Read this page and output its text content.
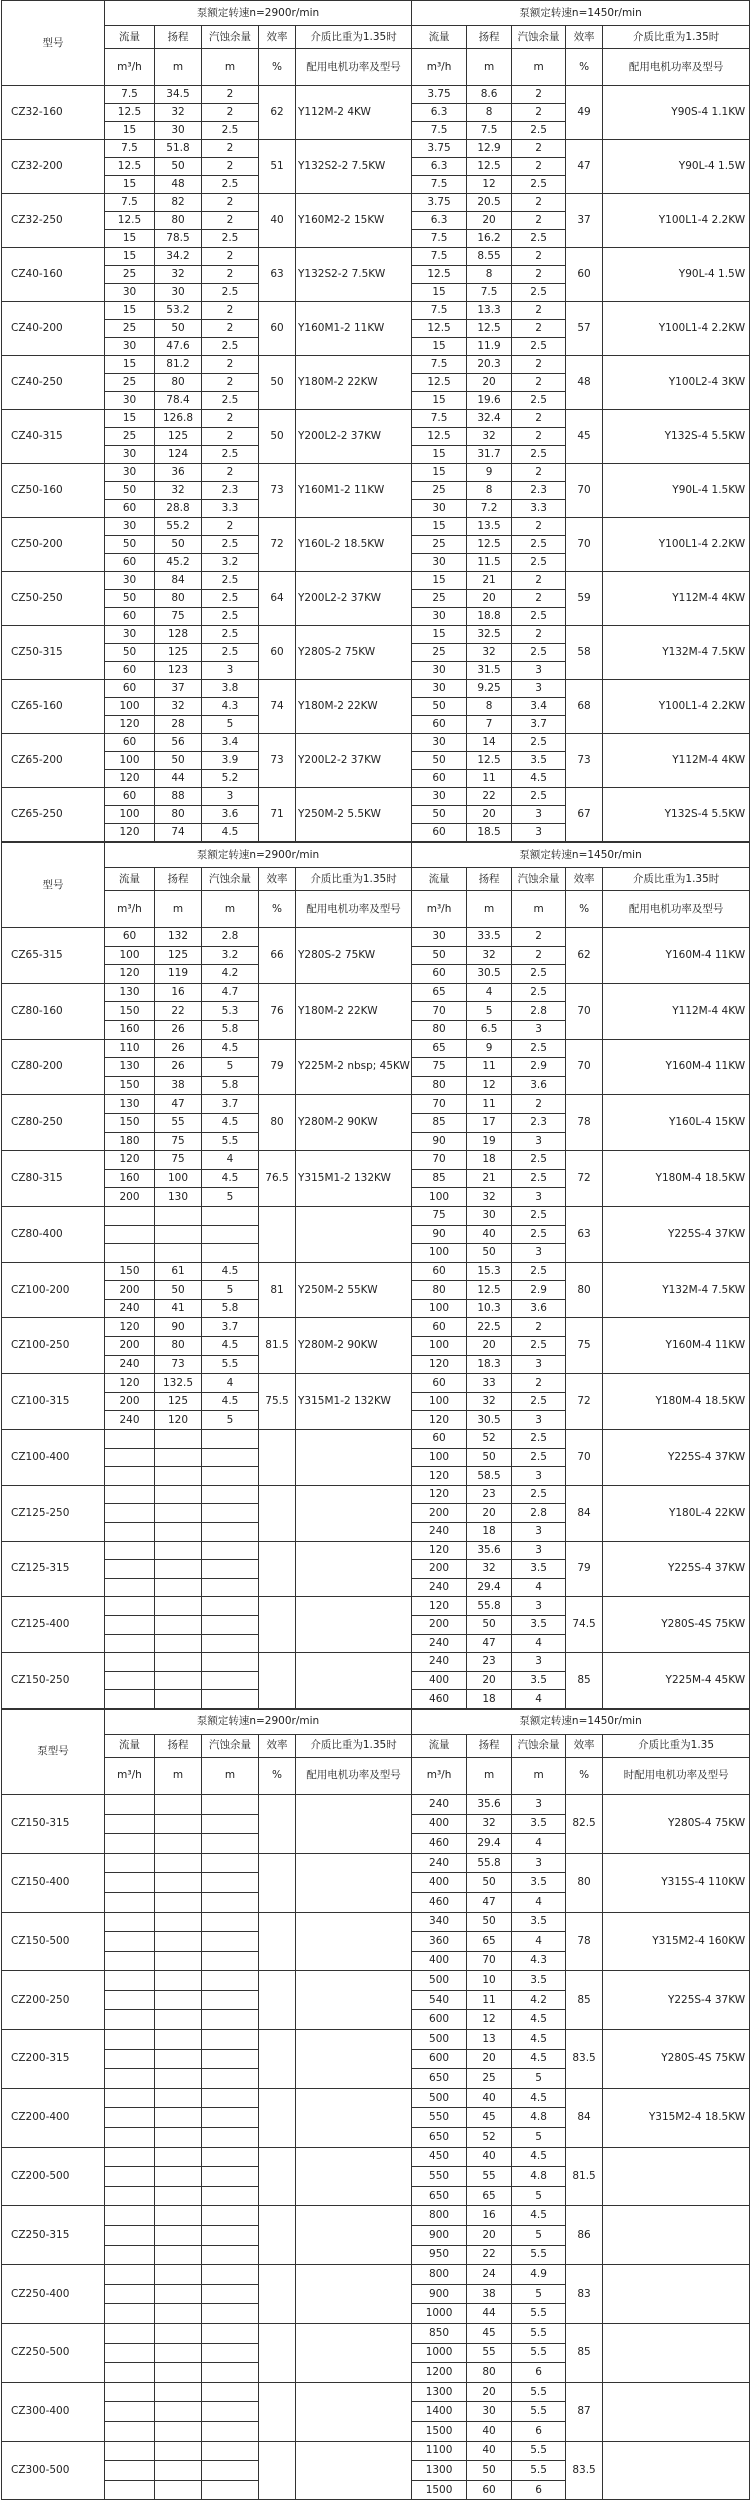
型号	泵额定转速n=2900r/min					泵额定转速n=1450r/min				
	流量	扬程	汽蚀余量	效率	介质比重为1.35时	流量	扬程	汽蚀余量	效率	介质比重为1.35时
	m³/h	m	m	%	配用电机功率及型号	m³/h	m	m	%	配用电机功率及型号
CZ32-160	7.5	34.5	2	62	Y112M-2 4KW	3.75	8.6	2	49	Y90S-4 1.1KW
	12.5	32	2			6.3	8	2		
	15	30	2.5			7.5	7.5	2.5		
CZ32-200	7.5	51.8	2	51	Y132S2-2 7.5KW	3.75	12.9	2	47	Y90L-4 1.5W
	12.5	50	2			6.3	12.5	2		
	15	48	2.5			7.5	12	2.5		
CZ32-250	7.5	82	2	40	Y160M2-2 15KW	3.75	20.5	2	37	Y100L1-4 2.2KW
	12.5	80	2			6.3	20	2		
	15	78.5	2.5			7.5	16.2	2.5		
CZ40-160	15	34.2	2	63	Y132S2-2 7.5KW	7.5	8.55	2	60	Y90L-4 1.5W
	25	32	2			12.5	8	2		
	30	30	2.5			15	7.5	2.5		
CZ40-200	15	53.2	2	60	Y160M1-2 11KW	7.5	13.3	2	57	Y100L1-4 2.2KW
	25	50	2			12.5	12.5	2		
	30	47.6	2.5			15	11.9	2.5		
CZ40-250	15	81.2	2	50	Y180M-2 22KW	7.5	20.3	2	48	Y100L2-4 3KW
	25	80	2			12.5	20	2		
	30	78.4	2.5			15	19.6	2.5		
CZ40-315	15	126.8	2	50	Y200L2-2 37KW	7.5	32.4	2	45	Y132S-4 5.5KW
	25	125	2			12.5	32	2		
	30	124	2.5			15	31.7	2.5		
CZ50-160	30	36	2	73	Y160M1-2 11KW	15	9	2	70	Y90L-4 1.5KW
	50	32	2.3			25	8	2.3		
	60	28.8	3.3			30	7.2	3.3		
CZ50-200	30	55.2	2	72	Y160L-2 18.5KW	15	13.5	2	70	Y100L1-4 2.2KW
	50	50	2.5			25	12.5	2.5		
	60	45.2	3.2			30	11.5	2.5		
CZ50-250	30	84	2.5	64	Y200L2-2 37KW	15	21	2	59	Y112M-4 4KW
	50	80	2.5			25	20	2		
	60	75	2.5			30	18.8	2.5		
CZ50-315	30	128	2.5	60	Y280S-2 75KW	15	32.5	2	58	Y132M-4 7.5KW
	50	125	2.5			25	32	2.5		
	60	123	3			30	31.5	3		
CZ65-160	60	37	3.8	74	Y180M-2 22KW	30	9.25	3	68	Y100L1-4 2.2KW
	100	32	4.3			50	8	3.4		
	120	28	5			60	7	3.7		
CZ65-200	60	56	3.4	73	Y200L2-2 37KW	30	14	2.5	73	Y112M-4 4KW
	100	50	3.9			50	12.5	3.5		
	120	44	5.2			60	11	4.5		
CZ65-250	60	88	3	71	Y250M-2 5.5KW	30	22	2.5	67	Y132S-4 5.5KW
	100	80	3.6			50	20	3		
	120	74	4.5			60	18.5	3		
型号	泵额定转速n=2900r/min					泵额定转速n=1450r/min				
	流量	扬程	汽蚀余量	效率	介质比重为1.35时	流量	扬程	汽蚀余量	效率	介质比重为1.35时
	m³/h	m	m	%	配用电机功率及型号	m³/h	m	m	%	配用电机功率及型号
CZ65-315	60	132	2.8	66	Y280S-2 75KW	30	33.5	2	62	Y160M-4 11KW
	100	125	3.2			50	32	2		
	120	119	4.2			60	30.5	2.5		
CZ80-160	130	16	4.7	76	Y180M-2 22KW	65	4	2.5	70	Y112M-4 4KW
	150	22	5.3			70	5	2.8		
	160	26	5.8			80	6.5	3		
CZ80-200	110	26	4.5	79	Y225M-2 nbsp; 45KW	65	9	2.5	70	Y160M-4 11KW
	130	26	5			75	11	2.9		
	150	38	5.8			80	12	3.6		
CZ80-250	130	47	3.7	80	Y280M-2 90KW	70	11	2	78	Y160L-4 15KW
	150	55	4.5			85	17	2.3		
	180	75	5.5			90	19	3		
CZ80-315	120	75	4	76.5	Y315M1-2 132KW	70	18	2.5	72	Y180M-4 18.5KW
	160	100	4.5			85	21	2.5		
	200	130	5			100	32	3		
CZ80-400						75	30	2.5	63	Y225S-4 37KW
						90	40	2.5		
						100	50	3		
CZ100-200	150	61	4.5	81	Y250M-2 55KW	60	15.3	2.5	80	Y132M-4 7.5KW
	200	50	5			80	12.5	2.9		
	240	41	5.8			100	10.3	3.6		
CZ100-250	120	90	3.7	81.5	Y280M-2 90KW	60	22.5	2	75	Y160M-4 11KW
	200	80	4.5			100	20	2.5		
	240	73	5.5			120	18.3	3		
CZ100-315	120	132.5	4	75.5	Y315M1-2 132KW	60	33	2	72	Y180M-4 18.5KW
	200	125	4.5			100	32	2.5		
	240	120	5			120	30.5	3		
CZ100-400						60	52	2.5	70	Y225S-4 37KW
						100	50	2.5		
						120	58.5	3		
CZ125-250						120	23	2.5	84	Y180L-4 22KW
						200	20	2.8		
						240	18	3		
CZ125-315						120	35.6	3	79	Y225S-4 37KW
						200	32	3.5		
						240	29.4	4		
CZ125-400						120	55.8	3	74.5	Y280S-4S 75KW
						200	50	3.5		
						240	47	4		
CZ150-250						240	23	3	85	Y225M-4 45KW
						400	20	3.5		
						460	18	4		
泵型号	泵额定转速n=2900r/min					泵额定转速n=1450r/min				
	流量	扬程	汽蚀余量	效率	介质比重为1.35时	流量	扬程	汽蚀余量	效率	介质比重为1.35
	m³/h	m	m	%	配用电机功率及型号	m³/h	m	m	%	时配用电机功率及型号
CZ150-315						240	35.6	3	82.5	Y280S-4 75KW
						400	32	3.5		
						460	29.4	4		
CZ150-400						240	55.8	3	80	Y315S-4 110KW
						400	50	3.5		
						460	47	4		
CZ150-500						340	50	3.5	78	Y315M2-4 160KW
						360	65	4		
						400	70	4.3		
CZ200-250						500	10	3.5	85	Y225S-4 37KW
						540	11	4.2		
						600	12	4.5		
CZ200-315						500	13	4.5	83.5	Y280S-4S 75KW
						600	20	4.5		
						650	25	5		
CZ200-400						500	40	4.5	84	Y315M2-4 18.5KW
						550	45	4.8		
						650	52	5		
CZ200-500						450	40	4.5	81.5	
						550	55	4.8		
						650	65	5		
CZ250-315						800	16	4.5	86	
						900	20	5		
						950	22	5.5		
CZ250-400						800	24	4.9	83	
						900	38	5		
						1000	44	5.5		
CZ250-500						850	45	5.5	85	
						1000	55	5.5		
						1200	80	6		
CZ300-400						1300	20	5.5	87	
						1400	30	5.5		
						1500	40	6		
CZ300-500						1100	40	5.5	83.5	
						1300	50	5.5		
						1500	60	6		
